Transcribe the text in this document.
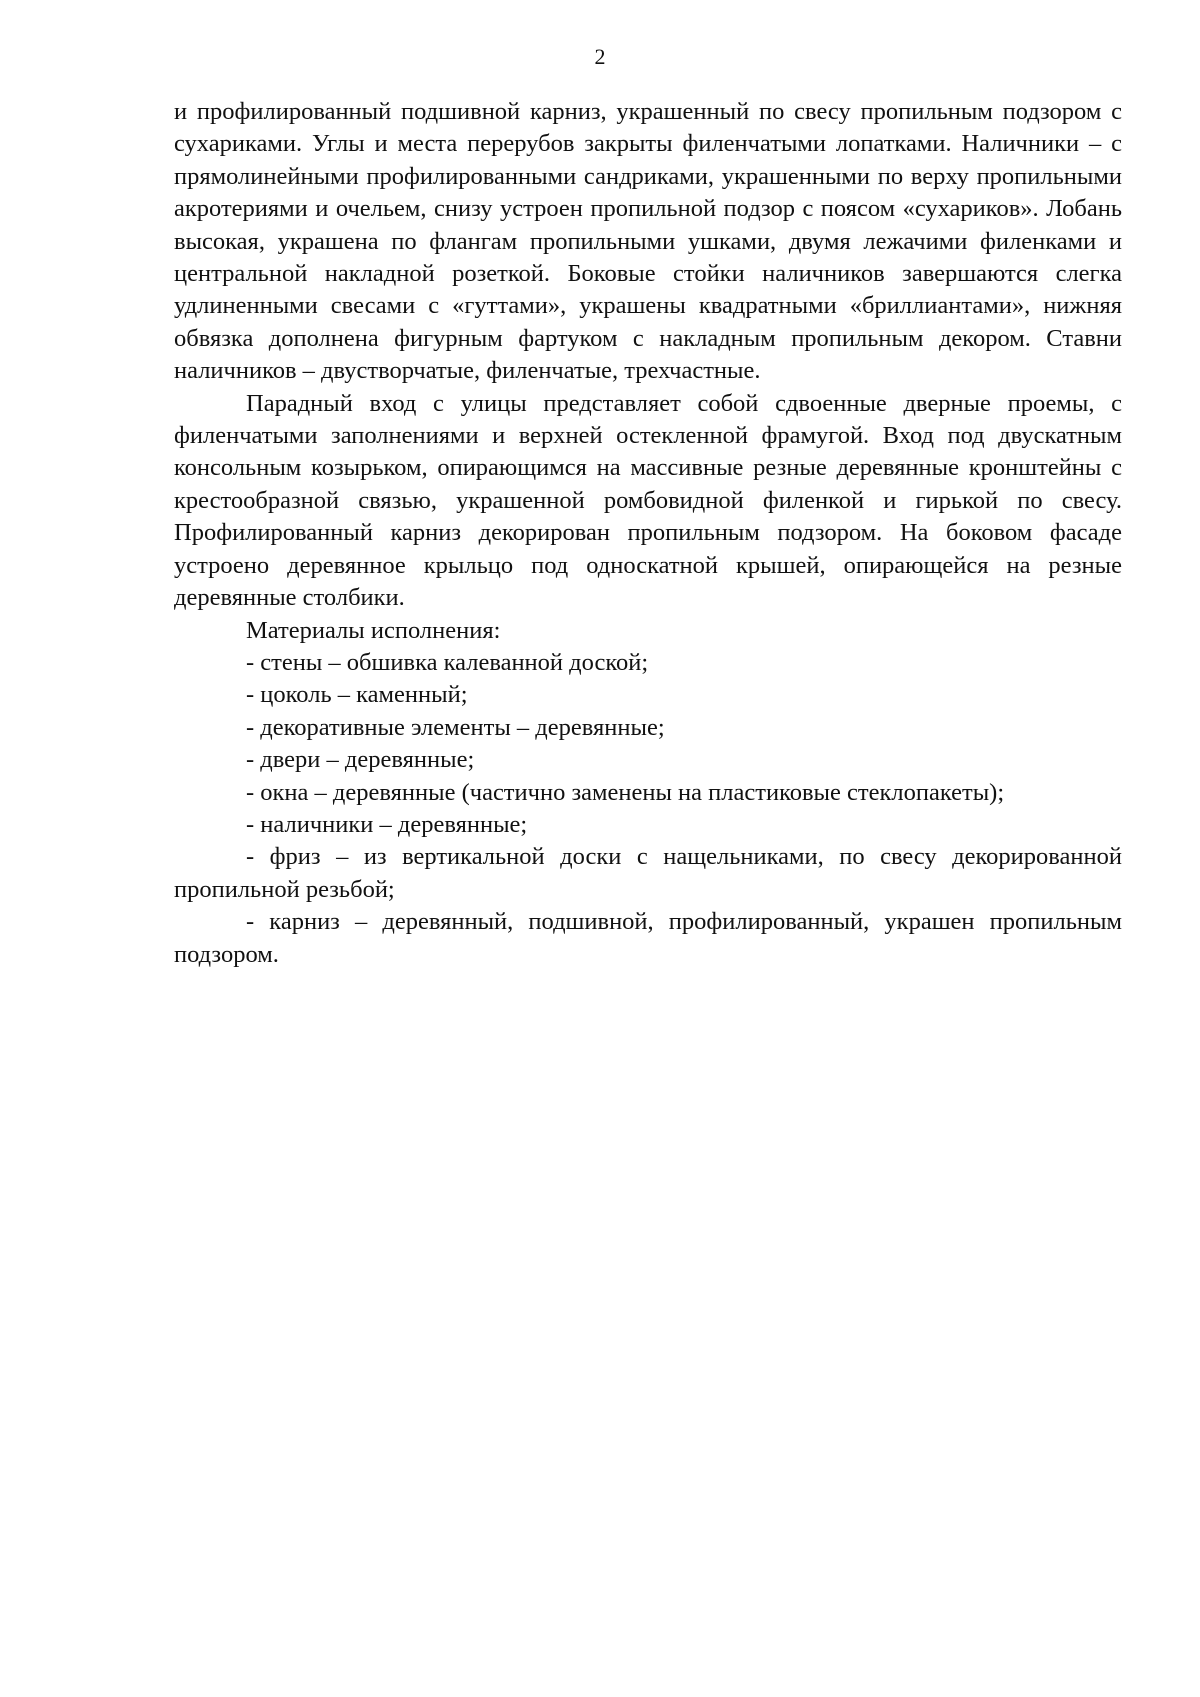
2

и профилированный подшивной карниз, украшенный по свесу пропильным подзором с сухариками. Углы и места перерубов закрыты филенчатыми лопатками. Наличники – с прямолинейными профилированными сандриками, украшенными по верху пропильными акротериями и очельем, снизу устроен пропильной подзор с поясом «сухариков». Лобань высокая, украшена по флангам пропильными ушками, двумя лежачими филенками и центральной накладной розеткой. Боковые стойки наличников завершаются слегка удлиненными свесами с «гуттами», украшены квадратными «бриллиантами», нижняя обвязка дополнена фигурным фартуком с накладным пропильным декором. Ставни наличников – двустворчатые, филенчатые, трехчастные.

Парадный вход с улицы представляет собой сдвоенные дверные проемы, с филенчатыми заполнениями и верхней остекленной фрамугой. Вход под двускатным консольным козырьком, опирающимся на массивные резные деревянные кронштейны с крестообразной связью, украшенной ромбовидной филенкой и гирькой по свесу. Профилированный карниз декорирован пропильным подзором. На боковом фасаде устроено деревянное крыльцо под односкатной крышей, опирающейся на резные деревянные столбики.

Материалы исполнения:

- стены – обшивка калеванной доской;

- цоколь – каменный;

- декоративные элементы – деревянные;

- двери – деревянные;

- окна – деревянные (частично заменены на пластиковые стеклопакеты);

- наличники – деревянные;

- фриз – из вертикальной доски с нащельниками, по свесу декорированной пропильной резьбой;

- карниз – деревянный, подшивной, профилированный, украшен пропильным подзором.
